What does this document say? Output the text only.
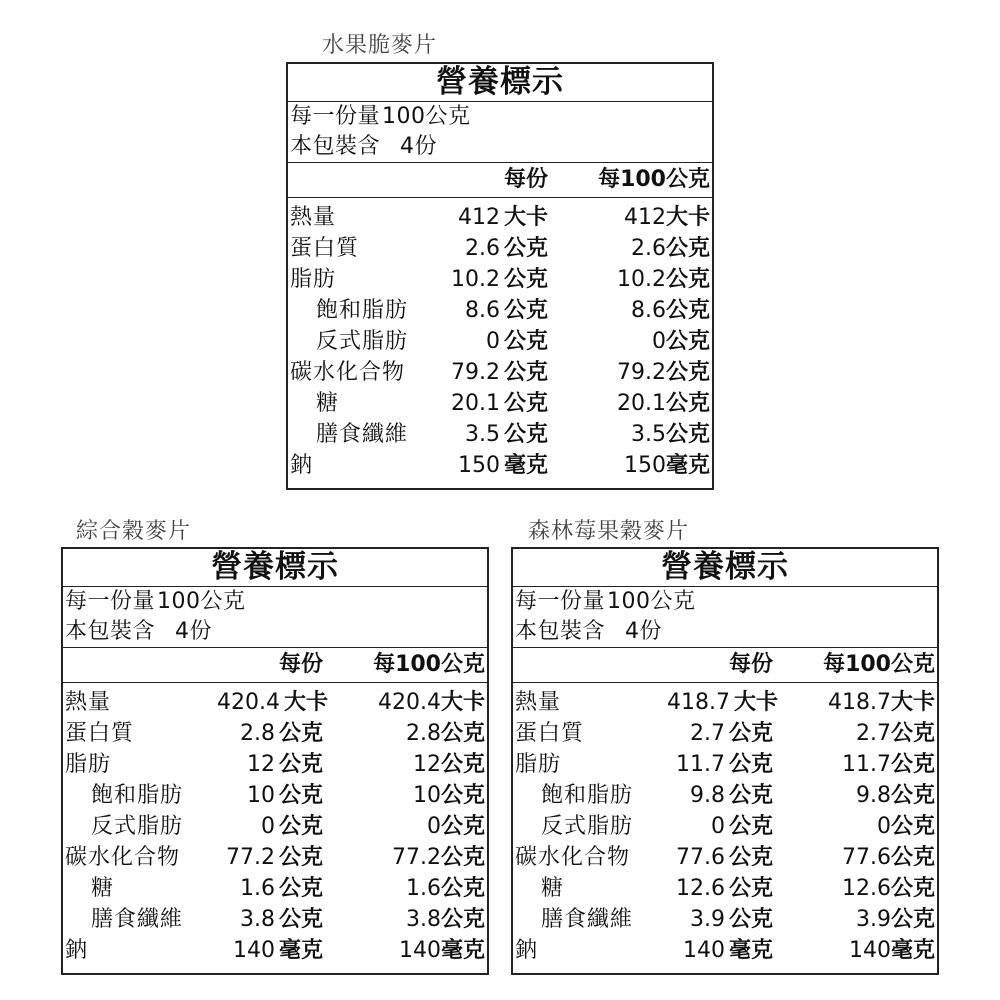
水果脆麥片
營養標示
每一份量100公克
本包裝含 4份
每份	每100公克
熱量	412 大卡	412大卡
蛋白質	2.6 公克	2.6公克
脂肪	10.2 公克	10.2公克
飽和脂肪	8.6 公克	8.6公克
反式脂肪	0 公克	0公克
碳水化合物	79.2 公克	79.2公克
糖	20.1 公克	20.1公克
膳食纖維	3.5 公克	3.5公克
鈉	150 毫克	150毫克
綜合穀麥片
營養標示
每一份量100公克
本包裝含 4份
每份	每100公克
熱量	420.4 大卡	420.4大卡
蛋白質	2.8 公克	2.8公克
脂肪	12 公克	12公克
飽和脂肪	10 公克	10公克
反式脂肪	0 公克	0公克
碳水化合物	77.2 公克	77.2公克
糖	1.6 公克	1.6公克
膳食纖維	3.8 公克	3.8公克
鈉	140 毫克	140毫克
森林莓果穀麥片
營養標示
每一份量100公克
本包裝含 4份
每份	每100公克
熱量	418.7 大卡	418.7大卡
蛋白質	2.7 公克	2.7公克
脂肪	11.7 公克	11.7公克
飽和脂肪	9.8 公克	9.8公克
反式脂肪	0 公克	0公克
碳水化合物	77.6 公克	77.6公克
糖	12.6 公克	12.6公克
膳食纖維	3.9 公克	3.9公克
鈉	140 毫克	140毫克
